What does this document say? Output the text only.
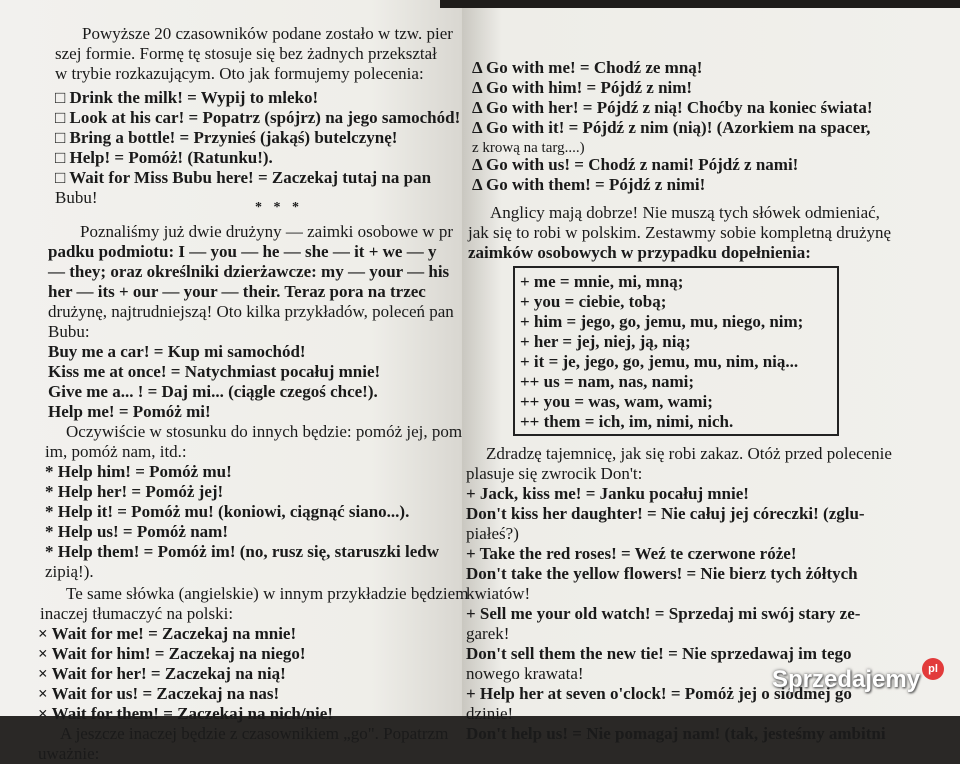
Powyższe 20 czasowników podane zostało w tzw. pier
szej formie. Formę tę stosuje się bez żadnych przekształ
w trybie rozkazującym. Oto jak formujemy polecenia:
□ Drink the milk! = Wypij to mleko!
□ Look at his car! = Popatrz (spójrz) na jego samochód!
□ Bring a bottle! = Przynieś (jakąś) butelczynę!
□ Help! = Pomóż! (Ratunku!).
□ Wait for Miss Bubu here! = Zaczekaj tutaj na pan
Bubu!
* * *
Poznaliśmy już dwie drużyny — zaimki osobowe w pr
padku podmiotu: I — you — he — she — it + we — y
— they; oraz określniki dzierżawcze: my — your — his
her — its + our — your — their. Teraz pora na trzec
drużynę, najtrudniejszą! Oto kilka przykładów, poleceń pan
Bubu:
Buy me a car! = Kup mi samochód!
Kiss me at once! = Natychmiast pocałuj mnie!
Give me a... ! = Daj mi... (ciągle czegoś chce!).
Help me! = Pomóż mi!
Oczywiście w stosunku do innych będzie: pomóż jej, pom
im, pomóż nam, itd.:
* Help him! = Pomóż mu!
* Help her! = Pomóż jej!
* Help it! = Pomóż mu! (koniowi, ciągnąć siano...).
* Help us! = Pomóż nam!
* Help them! = Pomóż im! (no, rusz się, staruszki ledw
zipią!).
Te same słówka (angielskie) w innym przykładzie będziem
inaczej tłumaczyć na polski:
× Wait for me! = Zaczekaj na mnie!
× Wait for him! = Zaczekaj na niego!
× Wait for her! = Zaczekaj na nią!
× Wait for us! = Zaczekaj na nas!
× Wait for them! = Zaczekaj na nich/nie!
A jeszcze inaczej będzie z czasownikiem „go". Popatrzm
uważnie:
Δ Go with me! = Chodź ze mną!
Δ Go with him! = Pójdź z nim!
Δ Go with her! = Pójdź z nią! Choćby na koniec świata!
Δ Go with it! = Pójdź z nim (nią)! (Azorkiem na spacer,
z krową na targ....)
Δ Go with us! = Chodź z nami! Pójdź z nami!
Δ Go with them! = Pójdź z nimi!
Anglicy mają dobrze! Nie muszą tych słówek odmieniać,
jak się to robi w polskim. Zestawmy sobie kompletną drużynę
zaimków osobowych w przypadku dopełnienia:
+ me = mnie, mi, mną;
+ you = ciebie, tobą;
+ him = jego, go, jemu, mu, niego, nim;
+ her = jej, niej, ją, nią;
+ it = je, jego, go, jemu, mu, nim, nią...
++ us = nam, nas, nami;
++ you = was, wam, wami;
++ them = ich, im, nimi, nich.
Zdradzę tajemnicę, jak się robi zakaz. Otóż przed polecenie
plasuje się zwrocik Don't:
+ Jack, kiss me! = Janku pocałuj mnie!
Don't kiss her daughter! = Nie całuj jej córeczki! (zglu-
piałeś?)
+ Take the red roses! = Weź te czerwone róże!
Don't take the yellow flowers! = Nie bierz tych żółtych
kwiatów!
+ Sell me your old watch! = Sprzedaj mi swój stary ze-
garek!
Don't sell them the new tie! = Nie sprzedawaj im tego
nowego krawata!
+ Help her at seven o'clock! = Pomóż jej o siódmej go
dzinie!
Don't help us! = Nie pomagaj nam! (tak, jesteśmy ambitni
Sprzedajemy pl
